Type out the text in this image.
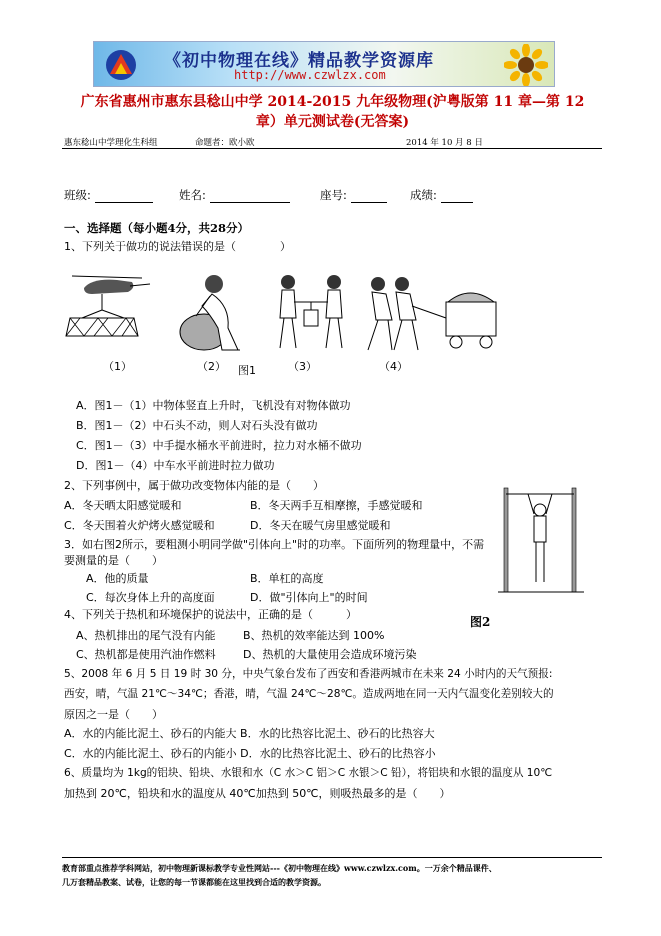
《初中物理在线》精品教学资源库
http://www.czwlzx.com
广东省惠州市惠东县稔山中学 2014-2015 九年级物理(沪粤版第 11 章—第 12
章）单元测试卷(无答案)
惠东稔山中学理化生科组	命题者：欧小欧	2014 年 10 月 8 日
班级:	姓名:	座号:	成绩:
一、选择题（每小题4分，共28分）
1、下列关于做功的说法错误的是（　　　　）
（1）	（2） 图1	（3）	（4）
A．图1－（1）中物体竖直上升时，飞机没有对物体做功
B．图1－（2）中石头不动，则人对石头没有做功
C．图1－（3）中手提水桶水平前进时，拉力对水桶不做功
D．图1－（4）中车水平前进时拉力做功
2、下列事例中，属于做功改变物体内能的是（　　）
A．冬天晒太阳感觉暖和	B．冬天两手互相摩擦，手感觉暖和
C．冬天围着火炉烤火感觉暖和	D．冬天在暖气房里感觉暖和
3．如右图2所示，要粗测小明同学做"引体向上"时的功率。下面所列的物理量中，不需
要测量的是（　　）
A．他的质量	B．单杠的高度
C．每次身体上升的高度面	D．做"引体向上"的时间
4、下列关于热机和环境保护的说法中，正确的是（　　　）
图2
A、热机排出的尾气没有内能 B、热机的效率能达到 100%
C、热机都是使用汽油作燃料 D、热机的大量使用会造成环境污染
5、2008 年 6 月 5 日 19 时 30 分，中央气象台发布了西安和香港两城市在未来 24 小时内的天气预报:
西安，晴，气温 21℃～34℃；香港，晴，气温 24℃～28℃。造成两地在同一天内气温变化差别较大的
原因之一是（　　）
A．水的内能比泥土、砂石的内能大 B．水的比热容比泥土、砂石的比热容大
C．水的内能比泥土、砂石的内能小 D．水的比热容比泥土、砂石的比热容小
6、质量均为 1kg的铝块、铅块、水银和水（C 水＞C 铝＞C 水银＞C 铅），将铝块和水银的温度从 10℃
加热到 20℃，铅块和水的温度从 40℃加热到 50℃，则吸热最多的是（　　）
教育部重点推荐学科网站，初中物理新课标教学专业性网站---《初中物理在线》www.czwlzx.com。一万余个精品课件、
几万套精品教案、试卷，让您的每一节课都能在这里找到合适的教学资源。
